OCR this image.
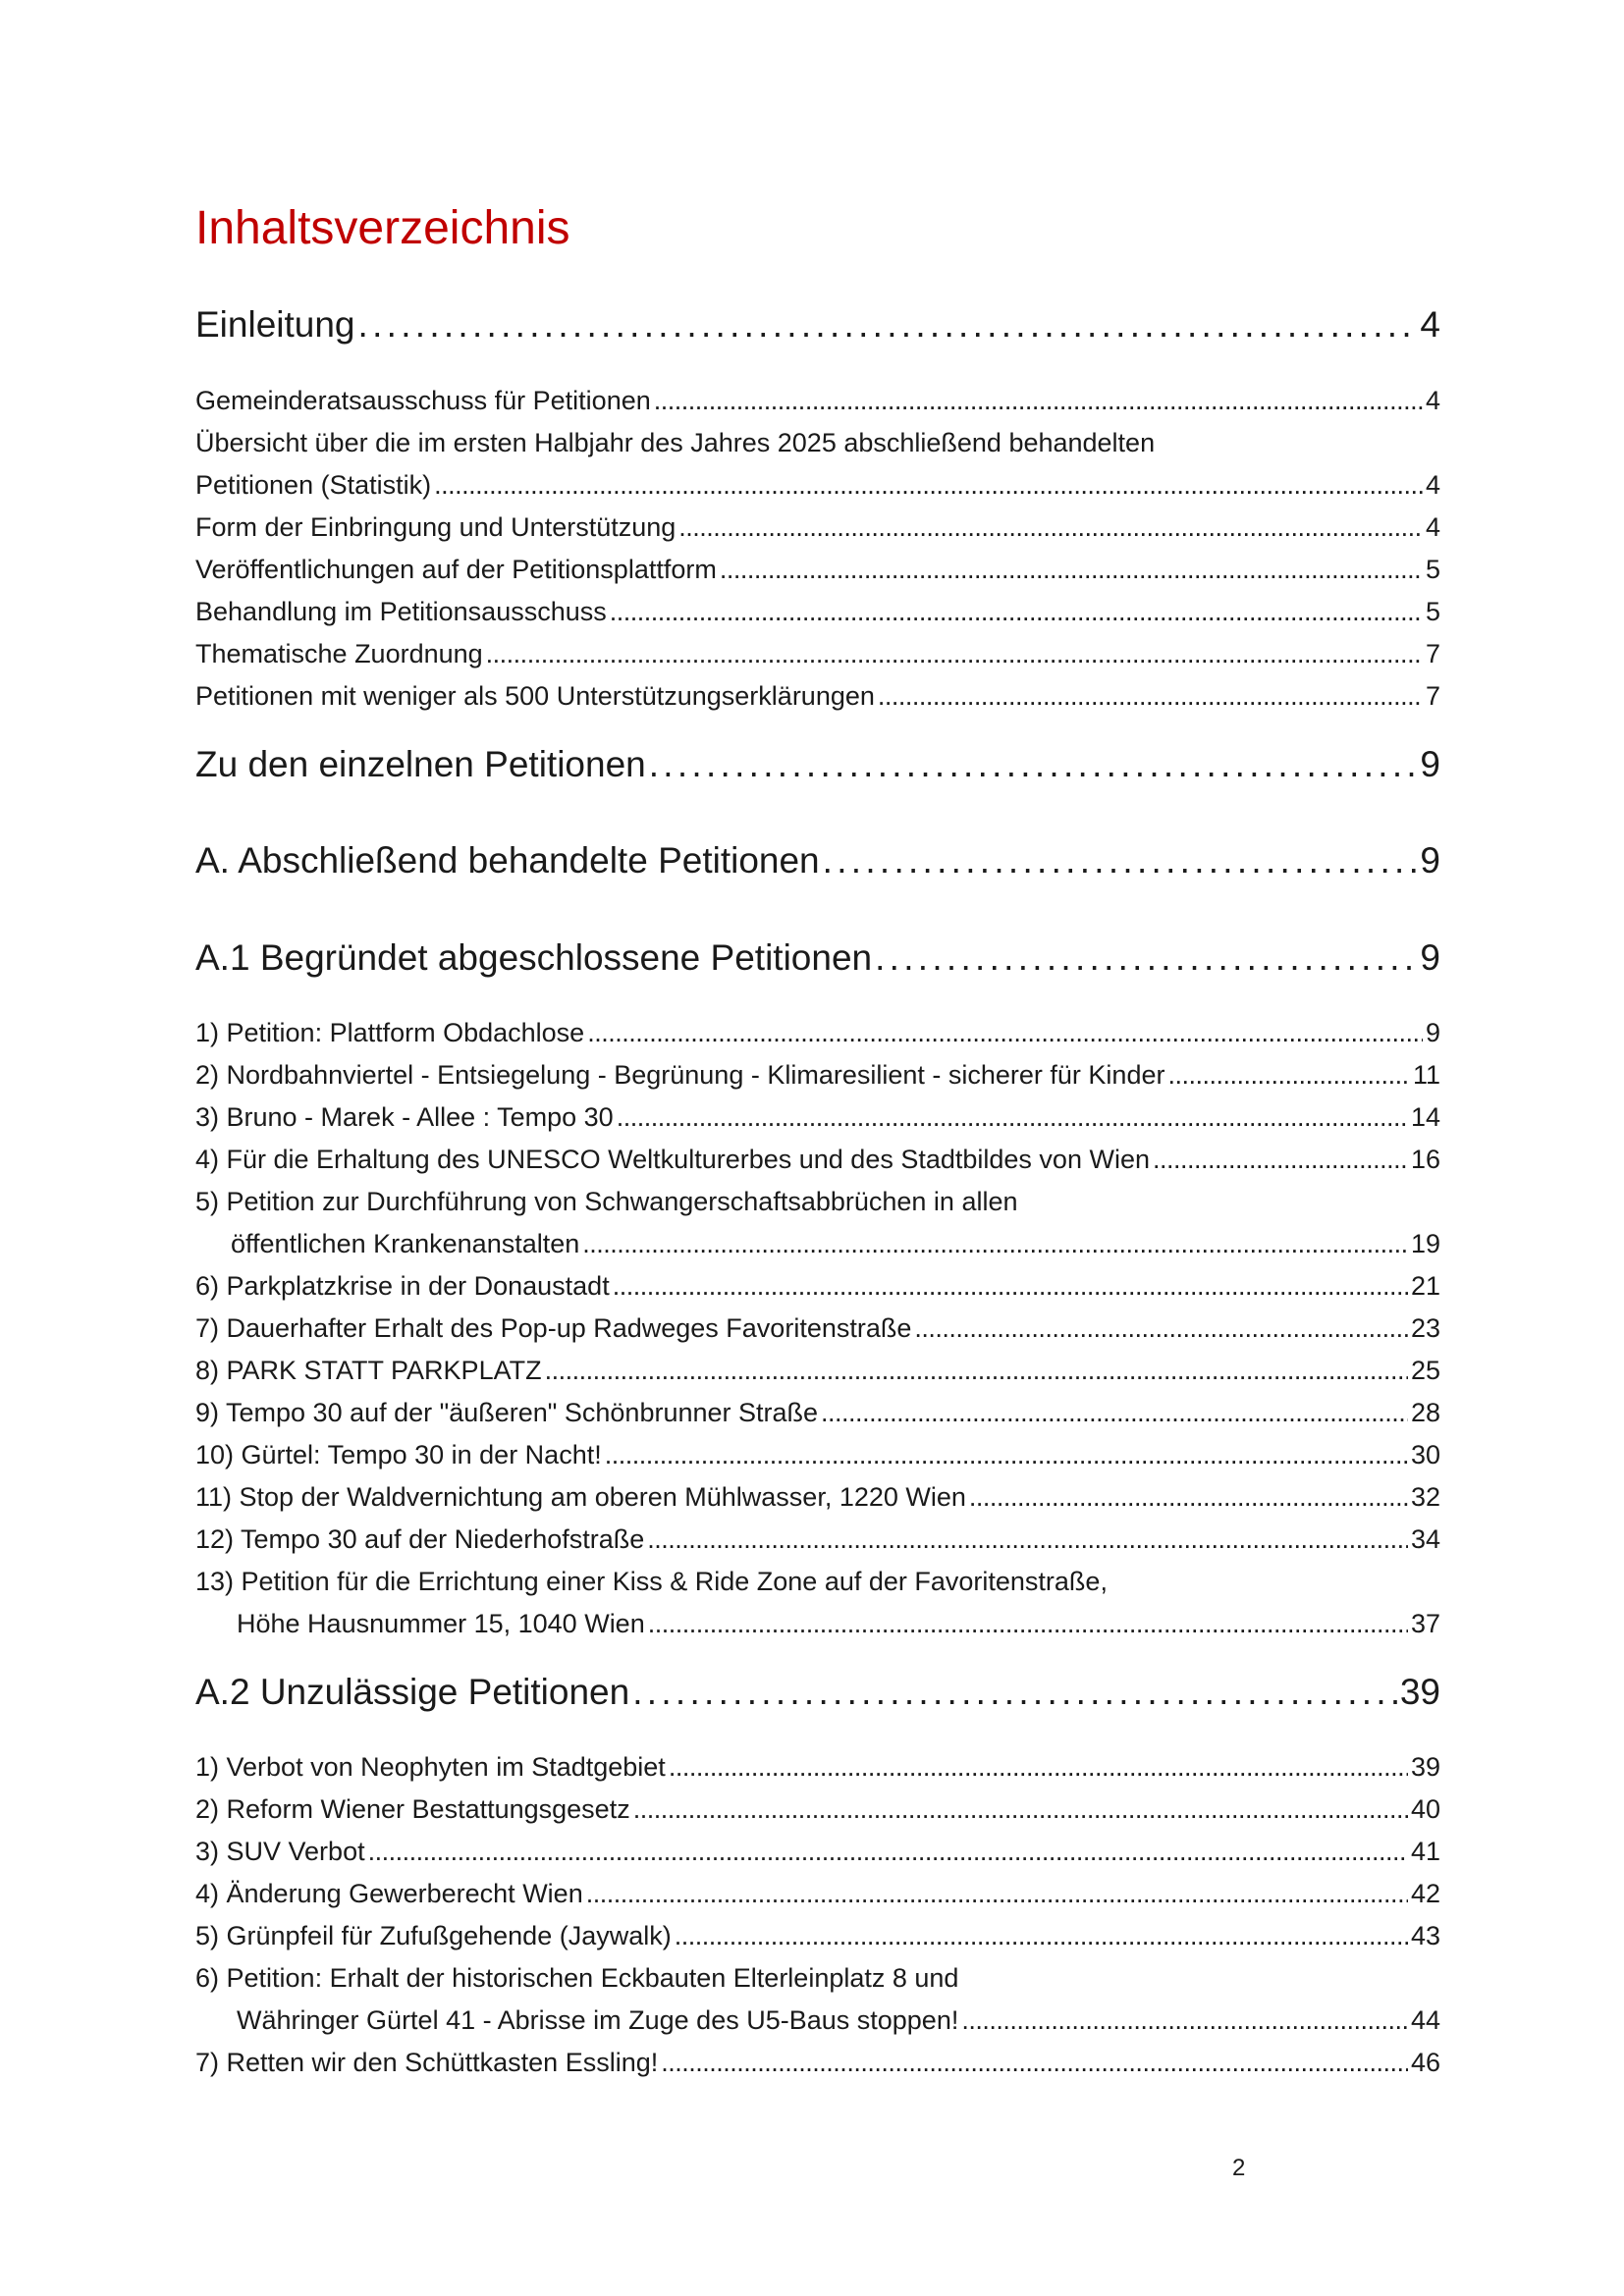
Inhaltsverzeichnis
Einleitung . . .	4
Gemeinderatsausschuss für Petitionen . . .	4
Übersicht über die im ersten Halbjahr des Jahres 2025 abschließend behandelten
Petitionen (Statistik) . . .	4
Form der Einbringung und Unterstützung . . .	4
Veröffentlichungen auf der Petitionsplattform . . .	5
Behandlung im Petitionsausschuss . . .	5
Thematische Zuordnung . . .	7
Petitionen mit weniger als 500 Unterstützungserklärungen . . .	7
Zu den einzelnen Petitionen . . .	9
A. Abschließend behandelte Petitionen . . .	9
A.1 Begründet abgeschlossene Petitionen . . .	9
1) Petition: Plattform Obdachlose . . .	9
2) Nordbahnviertel - Entsiegelung - Begrünung - Klimaresilient - sicherer für Kinder . . .	11
3) Bruno - Marek - Allee : Tempo 30 . . .	14
4) Für die Erhaltung des UNESCO Weltkulturerbes und des Stadtbildes von Wien . . .	16
5) Petition zur Durchführung von Schwangerschaftsabbrüchen in allen
öffentlichen Krankenanstalten . . .	19
6) Parkplatzkrise in der Donaustadt . . .	21
7) Dauerhafter Erhalt des Pop-up Radweges Favoritenstraße . . .	23
8) PARK STATT PARKPLATZ . . .	25
9) Tempo 30 auf der "äußeren" Schönbrunner Straße . . .	28
10) Gürtel: Tempo 30 in der Nacht! . . .	30
11) Stop der Waldvernichtung am oberen Mühlwasser, 1220 Wien . . .	32
12) Tempo 30 auf der Niederhofstraße . . .	34
13) Petition für die Errichtung einer Kiss & Ride Zone auf der Favoritenstraße,
Höhe Hausnummer 15, 1040 Wien . . .	37
A.2 Unzulässige Petitionen . . .	39
1) Verbot von Neophyten im Stadtgebiet . . .	39
2) Reform Wiener Bestattungsgesetz . . .	40
3) SUV Verbot . . .	41
4) Änderung Gewerberecht Wien . . .	42
5) Grünpfeil für Zufußgehende (Jaywalk) . . .	43
6) Petition: Erhalt der historischen Eckbauten Elterleinplatz 8 und
Währinger Gürtel 41 - Abrisse im Zuge des U5-Baus stoppen! . . .	44
7) Retten wir den Schüttkasten Essling! . . .	46
2
